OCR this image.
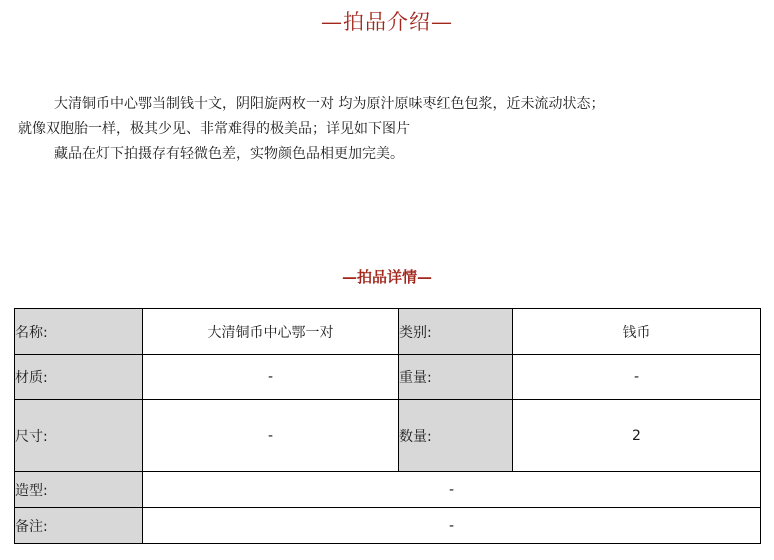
—拍品介绍—

大清铜币中心鄂当制钱十文，阴阳旋两枚一对 均为原汁原味枣红色包浆，近未流动状态；

就像双胞胎一样，极其少见、非常难得的极美品；详见如下图片

藏品在灯下拍摄存有轻微色差，实物颜色品相更加完美。

—拍品详情—
名称:	大清铜币中心鄂一对	类别:	钱币
材质:	-	重量:	-
尺寸:	-	数量:	2
造型:	-		
备注:	-		
